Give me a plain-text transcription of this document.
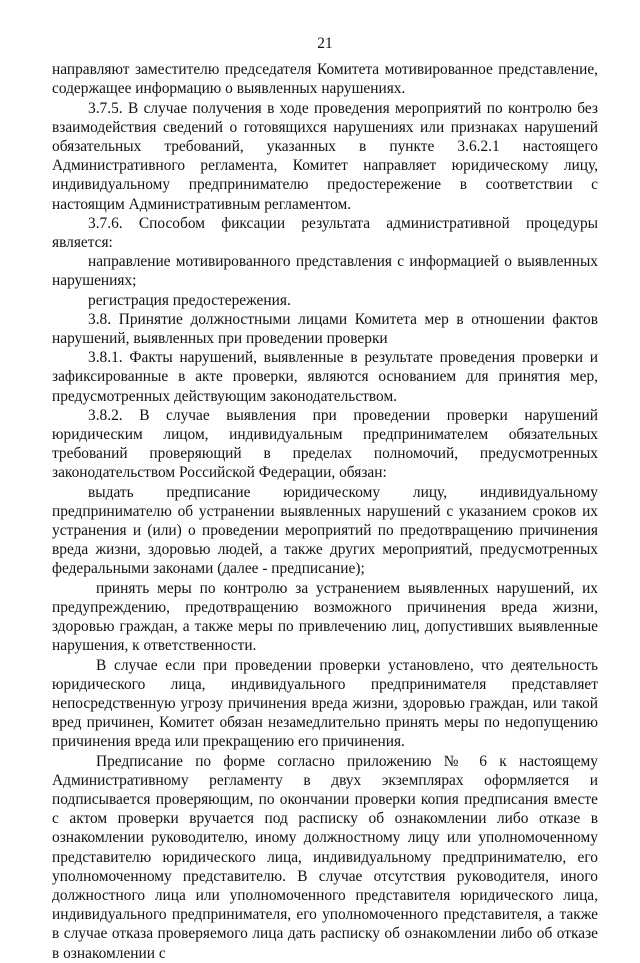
21

направляют заместителю председателя Комитета мотивированное представление, содержащее информацию о выявленных нарушениях.

3.7.5. В случае получения в ходе проведения мероприятий по контролю без взаимодействия сведений о готовящихся нарушениях или признаках нарушений обязательных требований, указанных в пункте 3.6.2.1 настоящего Административного регламента, Комитет направляет юридическому лицу, индивидуальному предпринимателю предостережение в соответствии с настоящим Административным регламентом.

3.7.6. Способом фиксации результата административной процедуры является:

направление мотивированного представления с информацией о выявленных нарушениях;

регистрация предостережения.

3.8. Принятие должностными лицами Комитета мер в отношении фактов нарушений, выявленных при проведении проверки

3.8.1. Факты нарушений, выявленные в результате проведения проверки и зафиксированные в акте проверки, являются основанием для принятия мер, предусмотренных действующим законодательством.

3.8.2. В случае выявления при проведении проверки нарушений юридическим лицом, индивидуальным предпринимателем обязательных требований проверяющий в пределах полномочий, предусмотренных законодательством Российской Федерации, обязан:

выдать предписание юридическому лицу, индивидуальному предпринимателю об устранении выявленных нарушений с указанием сроков их устранения и (или) о проведении мероприятий по предотвращению причинения вреда жизни, здоровью людей, а также других мероприятий, предусмотренных федеральными законами (далее - предписание);

принять меры по контролю за устранением выявленных нарушений, их предупреждению, предотвращению возможного причинения вреда жизни, здоровью граждан, а также меры по привлечению лиц, допустивших выявленные нарушения, к ответственности.

В случае если при проведении проверки установлено, что деятельность юридического лица, индивидуального предпринимателя представляет непосредственную угрозу причинения вреда жизни, здоровью граждан, или такой вред причинен, Комитет обязан незамедлительно принять меры по недопущению причинения вреда или прекращению его причинения.

Предписание по форме согласно приложению № 6 к настоящему Административному регламенту в двух экземплярах оформляется и подписывается проверяющим, по окончании проверки копия предписания вместе с актом проверки вручается под расписку об ознакомлении либо отказе в ознакомлении руководителю, иному должностному лицу или уполномоченному представителю юридического лица, индивидуальному предпринимателю, его уполномоченному представителю. В случае отсутствия руководителя, иного должностного лица или уполномоченного представителя юридического лица, индивидуального предпринимателя, его уполномоченного представителя, а также в случае отказа проверяемого лица дать расписку об ознакомлении либо об отказе в ознакомлении с
